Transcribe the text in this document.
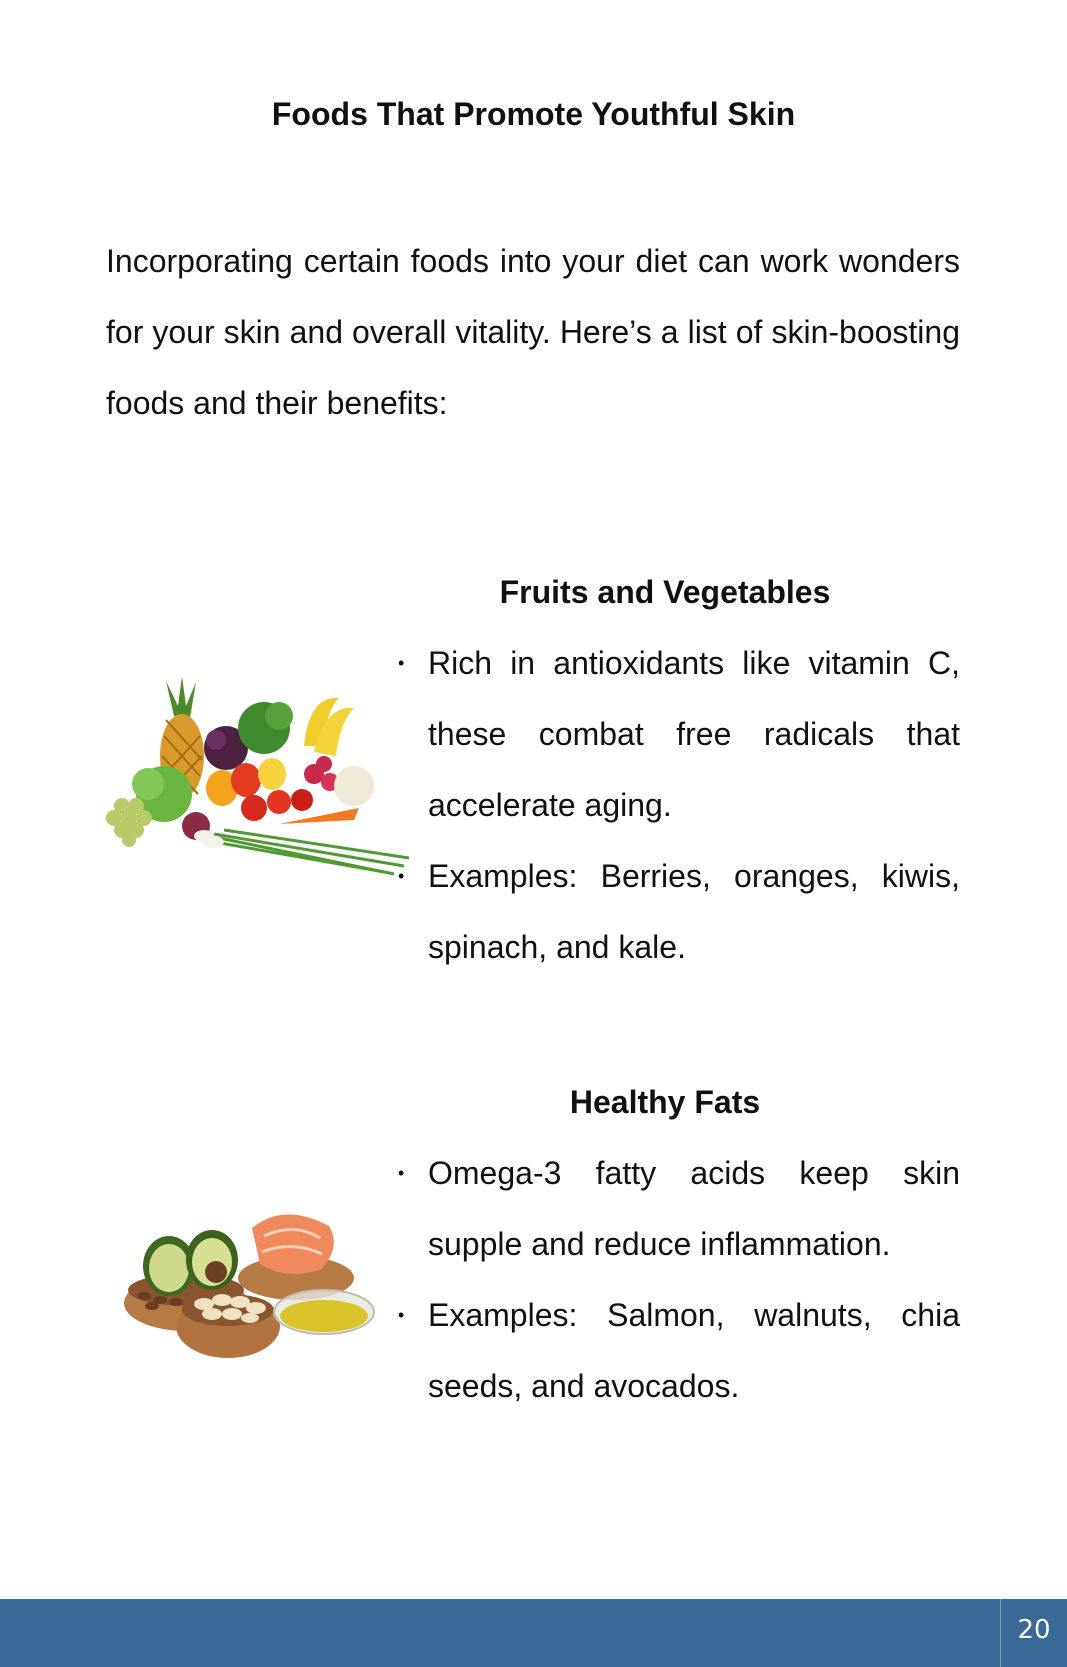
Foods That Promote Youthful Skin

Incorporating certain foods into your diet can work wonders for your skin and overall vitality. Here’s a list of skin-boosting foods and their benefits:

Fruits and Vegetables
• Rich in antioxidants like vitamin C, these combat free radicals that accelerate aging.
• Examples: Berries, oranges, kiwis, spinach, and kale.
Healthy Fats
• Omega-3 fatty acids keep skin supple and reduce inflammation.
• Examples: Salmon, walnuts, chia seeds, and avocados.
20
